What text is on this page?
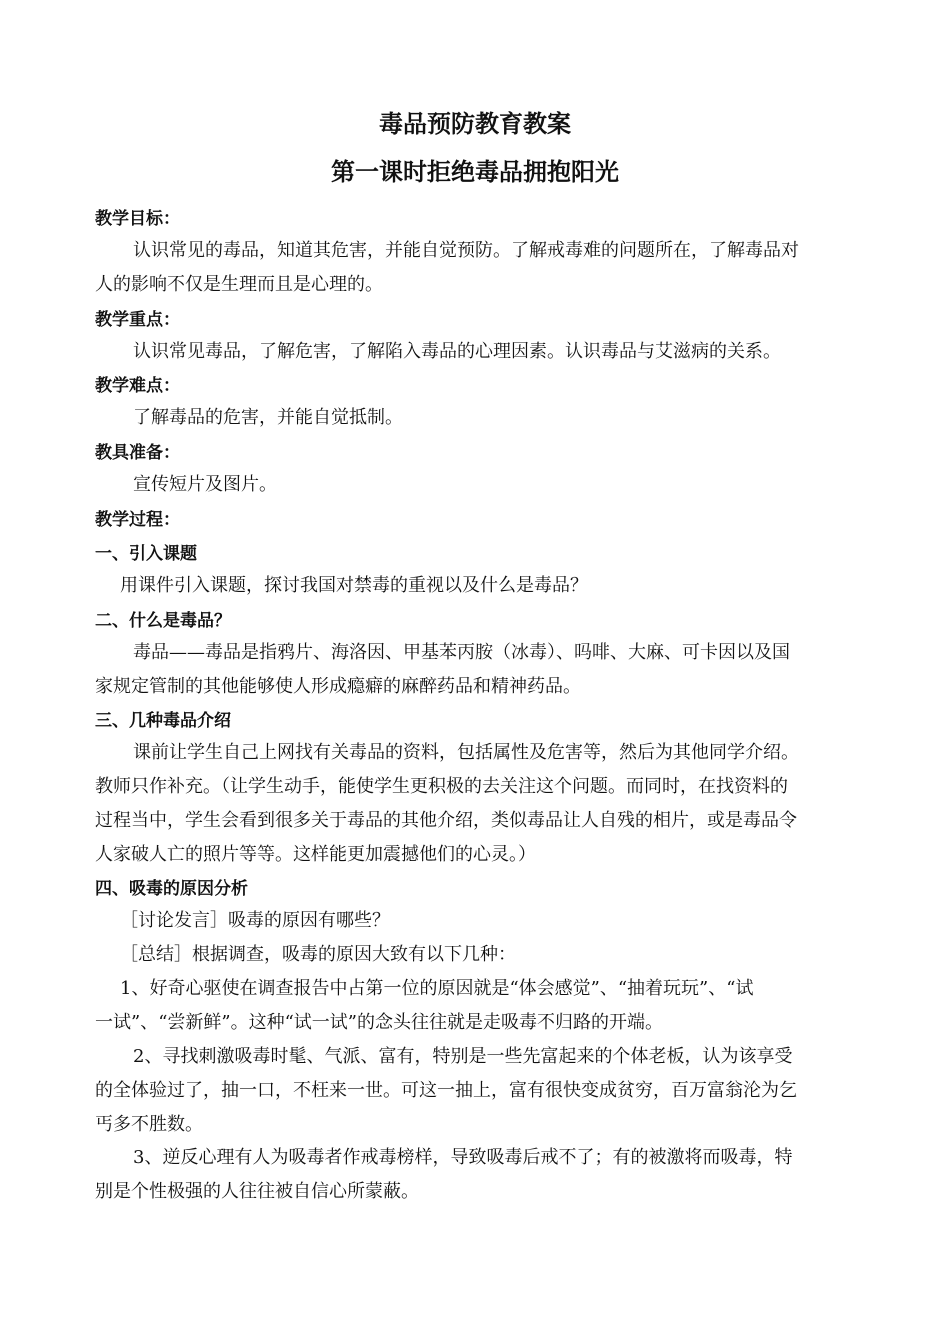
毒品预防教育教案
第一课时拒绝毒品拥抱阳光
教学目标：
认识常见的毒品，知道其危害，并能自觉预防。了解戒毒难的问题所在，了解毒品对
人的影响不仅是生理而且是心理的。
教学重点：
认识常见毒品，了解危害，了解陷入毒品的心理因素。认识毒品与艾滋病的关系。
教学难点：
了解毒品的危害，并能自觉抵制。
教具准备：
宣传短片及图片。
教学过程：
一、引入课题
用课件引入课题，探讨我国对禁毒的重视以及什么是毒品？
二、什么是毒品？
毒品——毒品是指鸦片、海洛因、甲基苯丙胺（冰毒）、吗啡、大麻、可卡因以及国
家规定管制的其他能够使人形成瘾癖的麻醉药品和精神药品。
三、几种毒品介绍
课前让学生自己上网找有关毒品的资料，包括属性及危害等，然后为其他同学介绍。
教师只作补充。（让学生动手，能使学生更积极的去关注这个问题。而同时，在找资料的
过程当中，学生会看到很多关于毒品的其他介绍，类似毒品让人自残的相片，或是毒品令
人家破人亡的照片等等。这样能更加震撼他们的心灵。）
四、吸毒的原因分析
［讨论发言］吸毒的原因有哪些？
［总结］根据调查，吸毒的原因大致有以下几种：
1、好奇心驱使在调查报告中占第一位的原因就是“体会感觉”、“抽着玩玩”、“试
一试”、“尝新鲜”。这种“试一试”的念头往往就是走吸毒不归路的开端。
2、寻找刺激吸毒时髦、气派、富有，特别是一些先富起来的个体老板，认为该享受
的全体验过了，抽一口，不枉来一世。可这一抽上，富有很快变成贫穷，百万富翁沦为乞
丐多不胜数。
3、逆反心理有人为吸毒者作戒毒榜样，导致吸毒后戒不了；有的被激将而吸毒，特
别是个性极强的人往往被自信心所蒙蔽。
